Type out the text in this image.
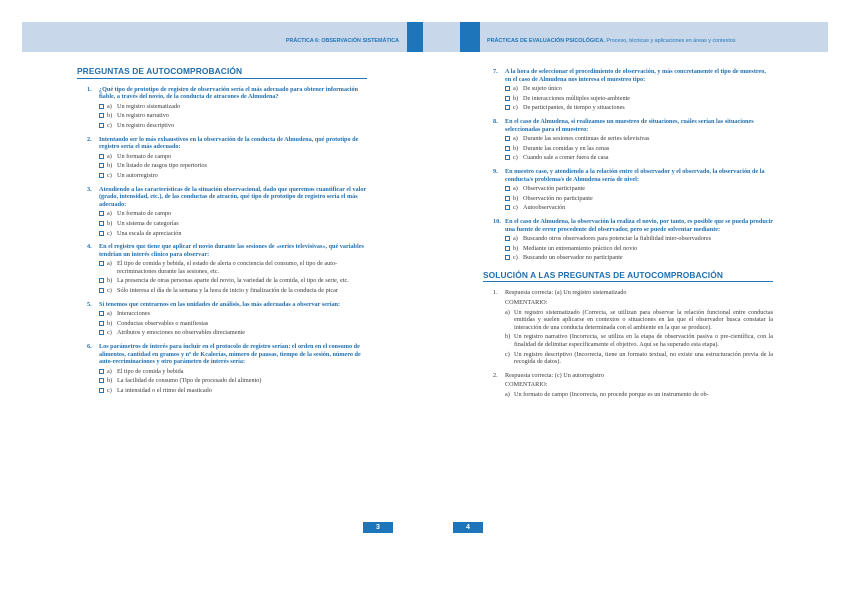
PRÁCTICA 6: OBSERVACIÓN SISTEMÁTICA
PREGUNTAS DE AUTOCOMPROBACIÓN
1.	¿Qué tipo de prototipo de registro de observación sería el más adecuado para obtener información fiable, a través del novio, de la conducta de atracones de Almudena?
a) Un registro sistematizado
b) Un registro narrativo
c) Un registro descriptivo
2.	Intentando ser lo más exhaustivos en la observación de la conducta de Almudena, qué prototipo de registro sería el más adecuado:
a) Un formato de campo
b) Un listado de rasgos tipo repertorios
c) Un autorregistro
3.	Atendiendo a las características de la situación observacional, dado que queremos cuantificar el valor (grado, intensidad, etc.), de las conductas de atracón, qué tipo de prototipo de registro sería el más adecuado:
a) Un formato de campo
b) Un sistema de categorías
c) Una escala de apreciación
4.	En el registro que tiene que aplicar el novio durante las sesiones de «series televisivas», qué variables tendrían un interés clínico para observar:
a) El tipo de comida y bebida, el estado de alerta o conciencia del consumo, el tipo de auto-recriminaciones durante las sesiones, etc.
b) La presencia de otras personas aparte del novio, la variedad de la comida, el tipo de serie, etc.
c) Sólo interesa el día de la semana y la hora de inicio y finalización de la conducta de picar
5.	Si tenemos que centrarnos en las unidades de análisis, las más adecuadas a observar serían:
a) Interacciones
b) Conductas observables o manifiestas
c) Atributos y emociones no observables directamente
6.	Los parámetros de interés para incluir en el protocolo de registro serían: el orden en el consumo de alimentos, cantidad en gramos y nº de Kcalorías, número de pausas, tiempo de la sesión, número de auto-recriminaciones y otro parámetro de interés sería:
a) El tipo de comida y bebida
b) La facilidad de consumo (Tipo de procesado del alimento)
c) La intensidad o el ritmo del masticado
3
PRÁCTICAS DE EVALUACIÓN PSICOLÓGICA. Proceso, técnicas y aplicaciones en áreas y contextos
7.	A la hora de seleccionar el procedimiento de observación, y más concretamente el tipo de muestreo, en el caso de Almudena nos interesa el muestreo tipo:
a) De sujeto único
b) De interacciones múltiples sujeto-ambiente
c) De participantes, de tiempo y situaciones
8.	En el caso de Almudena, si realizamos un muestreo de situaciones, cuáles serían las situaciones seleccionadas para el muestreo:
a) Durante las sesiones continuas de series televisivas
b) Durante las comidas y en las cenas
c) Cuando sale a comer fuera de casa
9.	En nuestro caso, y atendiendo a la relación entre el observador y el observado, la observación de la conducta/s problema/s de Almudena sería de nivel:
a) Observación participante
b) Observación no participante
c) Autoobservación
10. En el caso de Almudena, la observación la realiza el novio, por tanto, es posible que se pueda producir una fuente de error procedente del observador, pero se puede solventar mediante:
a) Buscando otros observadores para potenciar la fiabilidad inter-observadores
b) Mediante un entrenamiento práctico del novio
c) Buscando un observador no participante
SOLUCIÓN A LAS PREGUNTAS DE AUTOCOMPROBACIÓN
1.	Respuesta correcta: (a) Un registro sistematizado
COMENTARIO:
a) Un registro sistematizado (Correcta, se utilizan para observar la relación funcional entre conductas emitidas y suelen aplicarse en contextos o situaciones en las que el observador busca constatar la interacción de una conducta determinada con el ambiente en la que se produce).
b) Un registro narrativo (Incorrecta, se utiliza en la etapa de observación pasiva o pre-científica, con la finalidad de delimitar específicamente el objetivo. Aquí se ha superado esta etapa).
c) Un registro descriptivo (Incorrecta, tiene un formato textual, no existe una estructuración previa de la recogida de datos).
2.	Respuesta correcta: (c) Un autorregistro
COMENTARIO:
a) Un formato de campo (Incorrecta, no procede porque es un instrumento de ob-
4
